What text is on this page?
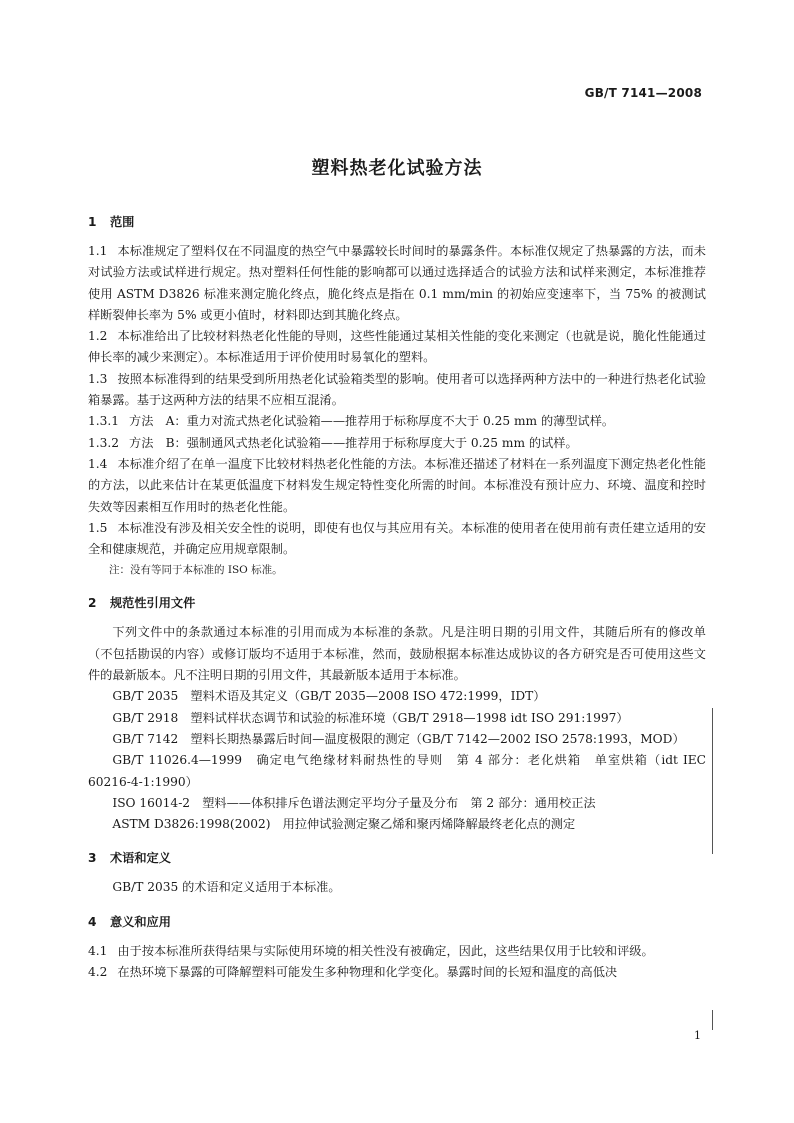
GB/T 7141—2008
塑料热老化试验方法
1 范围

1.1 本标准规定了塑料仅在不同温度的热空气中暴露较长时间时的暴露条件。本标准仅规定了热暴露的方法，而未对试验方法或试样进行规定。热对塑料任何性能的影响都可以通过选择适合的试验方法和试样来测定，本标准推荐使用 ASTM D3826 标准来测定脆化终点，脆化终点是指在 0.1 mm/min 的初始应变速率下，当 75% 的被测试样断裂伸长率为 5% 或更小值时，材料即达到其脆化终点。

1.2 本标准给出了比较材料热老化性能的导则，这些性能通过某相关性能的变化来测定（也就是说，脆化性能通过伸长率的减少来测定）。本标准适用于评价使用时易氧化的塑料。

1.3 按照本标准得到的结果受到所用热老化试验箱类型的影响。使用者可以选择两种方法中的一种进行热老化试验箱暴露。基于这两种方法的结果不应相互混淆。

1.3.1 方法　A：重力对流式热老化试验箱——推荐用于标称厚度不大于 0.25 mm 的薄型试样。

1.3.2 方法　B：强制通风式热老化试验箱——推荐用于标称厚度大于 0.25 mm 的试样。

1.4 本标准介绍了在单一温度下比较材料热老化性能的方法。本标准还描述了材料在一系列温度下测定热老化性能的方法，以此来估计在某更低温度下材料发生规定特性变化所需的时间。本标准没有预计应力、环境、温度和控时失效等因素相互作用时的热老化性能。

1.5 本标准没有涉及相关安全性的说明，即使有也仅与其应用有关。本标准的使用者在使用前有责任建立适用的安全和健康规范，并确定应用规章限制。

注：没有等同于本标准的 ISO 标准。

2 规范性引用文件

下列文件中的条款通过本标准的引用而成为本标准的条款。凡是注明日期的引用文件，其随后所有的修改单（不包括勘误的内容）或修订版均不适用于本标准，然而，鼓励根据本标准达成协议的各方研究是否可使用这些文件的最新版本。凡不注明日期的引用文件，其最新版本适用于本标准。

GB/T 2035　塑料术语及其定义（GB/T 2035—2008 ISO 472:1999，IDT）

GB/T 2918　塑料试样状态调节和试验的标准环境（GB/T 2918—1998 idt ISO 291:1997）

GB/T 7142　塑料长期热暴露后时间—温度极限的测定（GB/T 7142—2002 ISO 2578:1993，MOD）

GB/T 11026.4—1999　确定电气绝缘材料耐热性的导则　第 4 部分：老化烘箱　单室烘箱（idt IEC 60216-4-1:1990）

ISO 16014-2　塑料——体积排斥色谱法测定平均分子量及分布　第 2 部分：通用校正法

ASTM D3826:1998(2002)　用拉伸试验测定聚乙烯和聚丙烯降解最终老化点的测定

3 术语和定义

GB/T 2035 的术语和定义适用于本标准。

4 意义和应用

4.1 由于按本标准所获得结果与实际使用环境的相关性没有被确定，因此，这些结果仅用于比较和评级。

4.2 在热环境下暴露的可降解塑料可能发生多种物理和化学变化。暴露时间的长短和温度的高低决

1
